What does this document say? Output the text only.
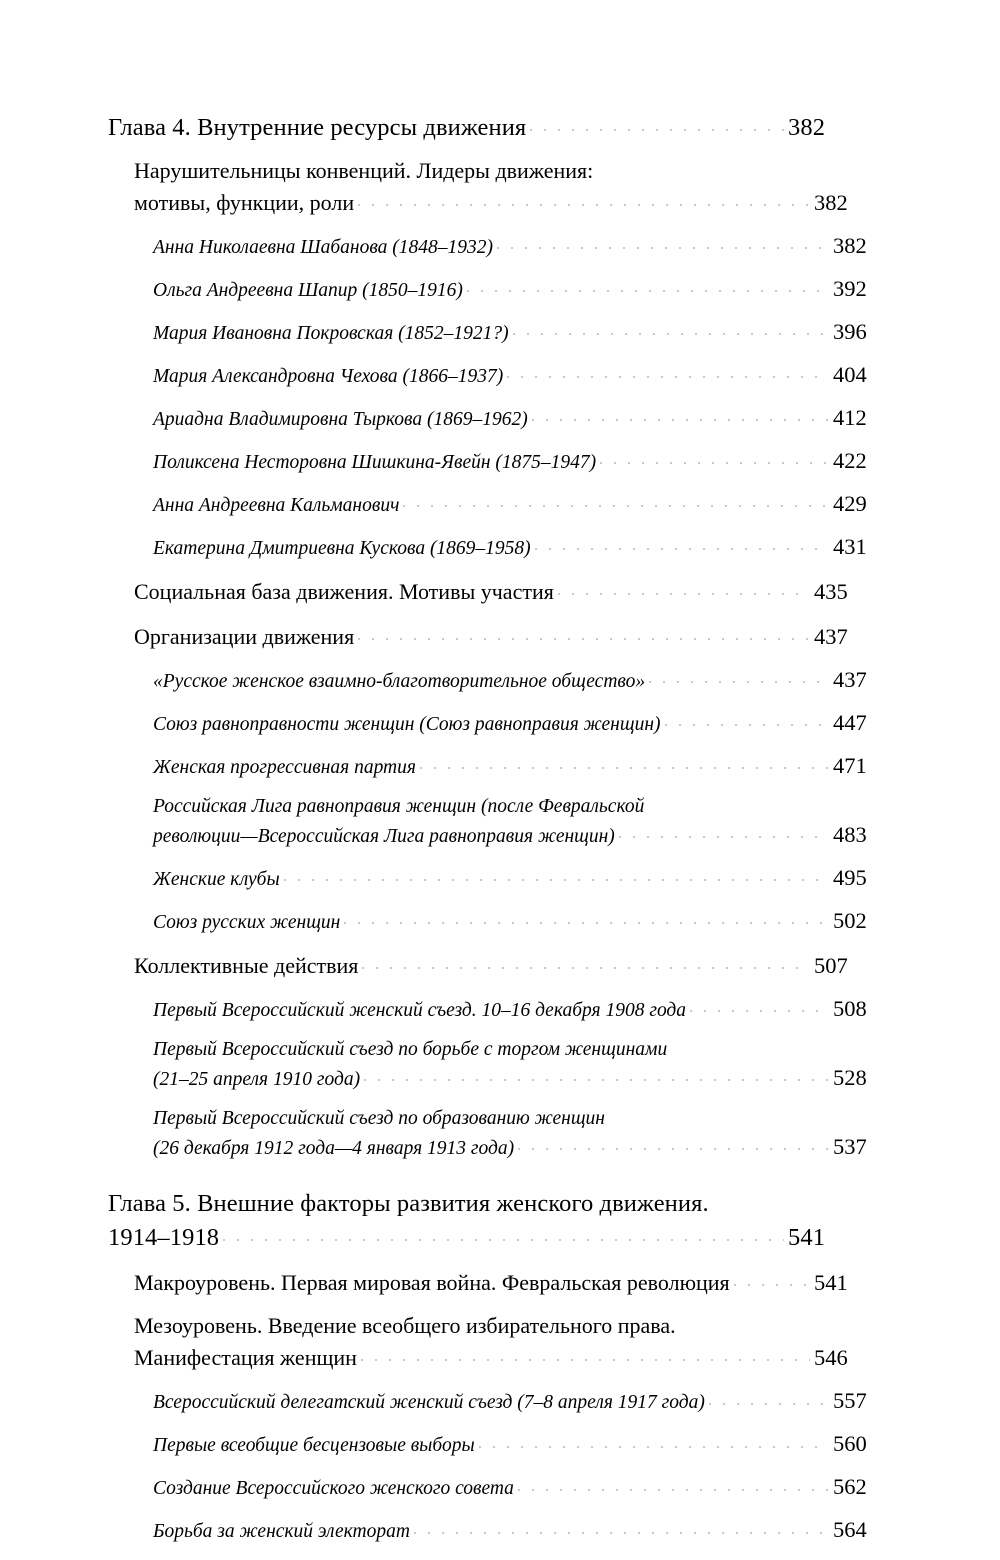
Глава 4. Внутренние ресурсы движения	382
Нарушительницы конвенций. Лидеры движения:
мотивы, функции, роли	382
Анна Николаевна Шабанова (1848–1932)	382
Ольга Андреевна Шапир (1850–1916)	392
Мария Ивановна Покровская (1852–1921?)	396
Мария Александровна Чехова (1866–1937)	404
Ариадна Владимировна Тыркова (1869–1962)	412
Поликсена Несторовна Шишкина-Явейн (1875–1947)	422
Анна Андреевна Кальманович	429
Екатерина Дмитриевна Кускова (1869–1958)	431
Социальная база движения. Мотивы участия	435
Организации движения	437
«Русское женское взаимно-благотворительное общество»	437
Союз равноправности женщин (Союз равноправия женщин)	447
Женская прогрессивная партия	471
Российская Лига равноправия женщин (после Февральской
революции—Всероссийская Лига равноправия женщин)	483
Женские клубы	495
Союз русских женщин	502
Коллективные действия	507
Первый Всероссийский женский съезд. 10–16 декабря 1908 года	508
Первый Всероссийский съезд по борьбе с торгом женщинами
(21–25 апреля 1910 года)	528
Первый Всероссийский съезд по образованию женщин
(26 декабря 1912 года—4 января 1913 года)	537
Глава 5. Внешние факторы развития женского движения.
1914–1918	541
Макроуровень. Первая мировая война. Февральская революция	541
Мезоуровень. Введение всеобщего избирательного права.
Манифестация женщин	546
Всероссийский делегатский женский съезд (7–8 апреля 1917 года)	557
Первые всеобщие бесцензовые выборы	560
Создание Всероссийского женского совета	562
Борьба за женский электорат	564
